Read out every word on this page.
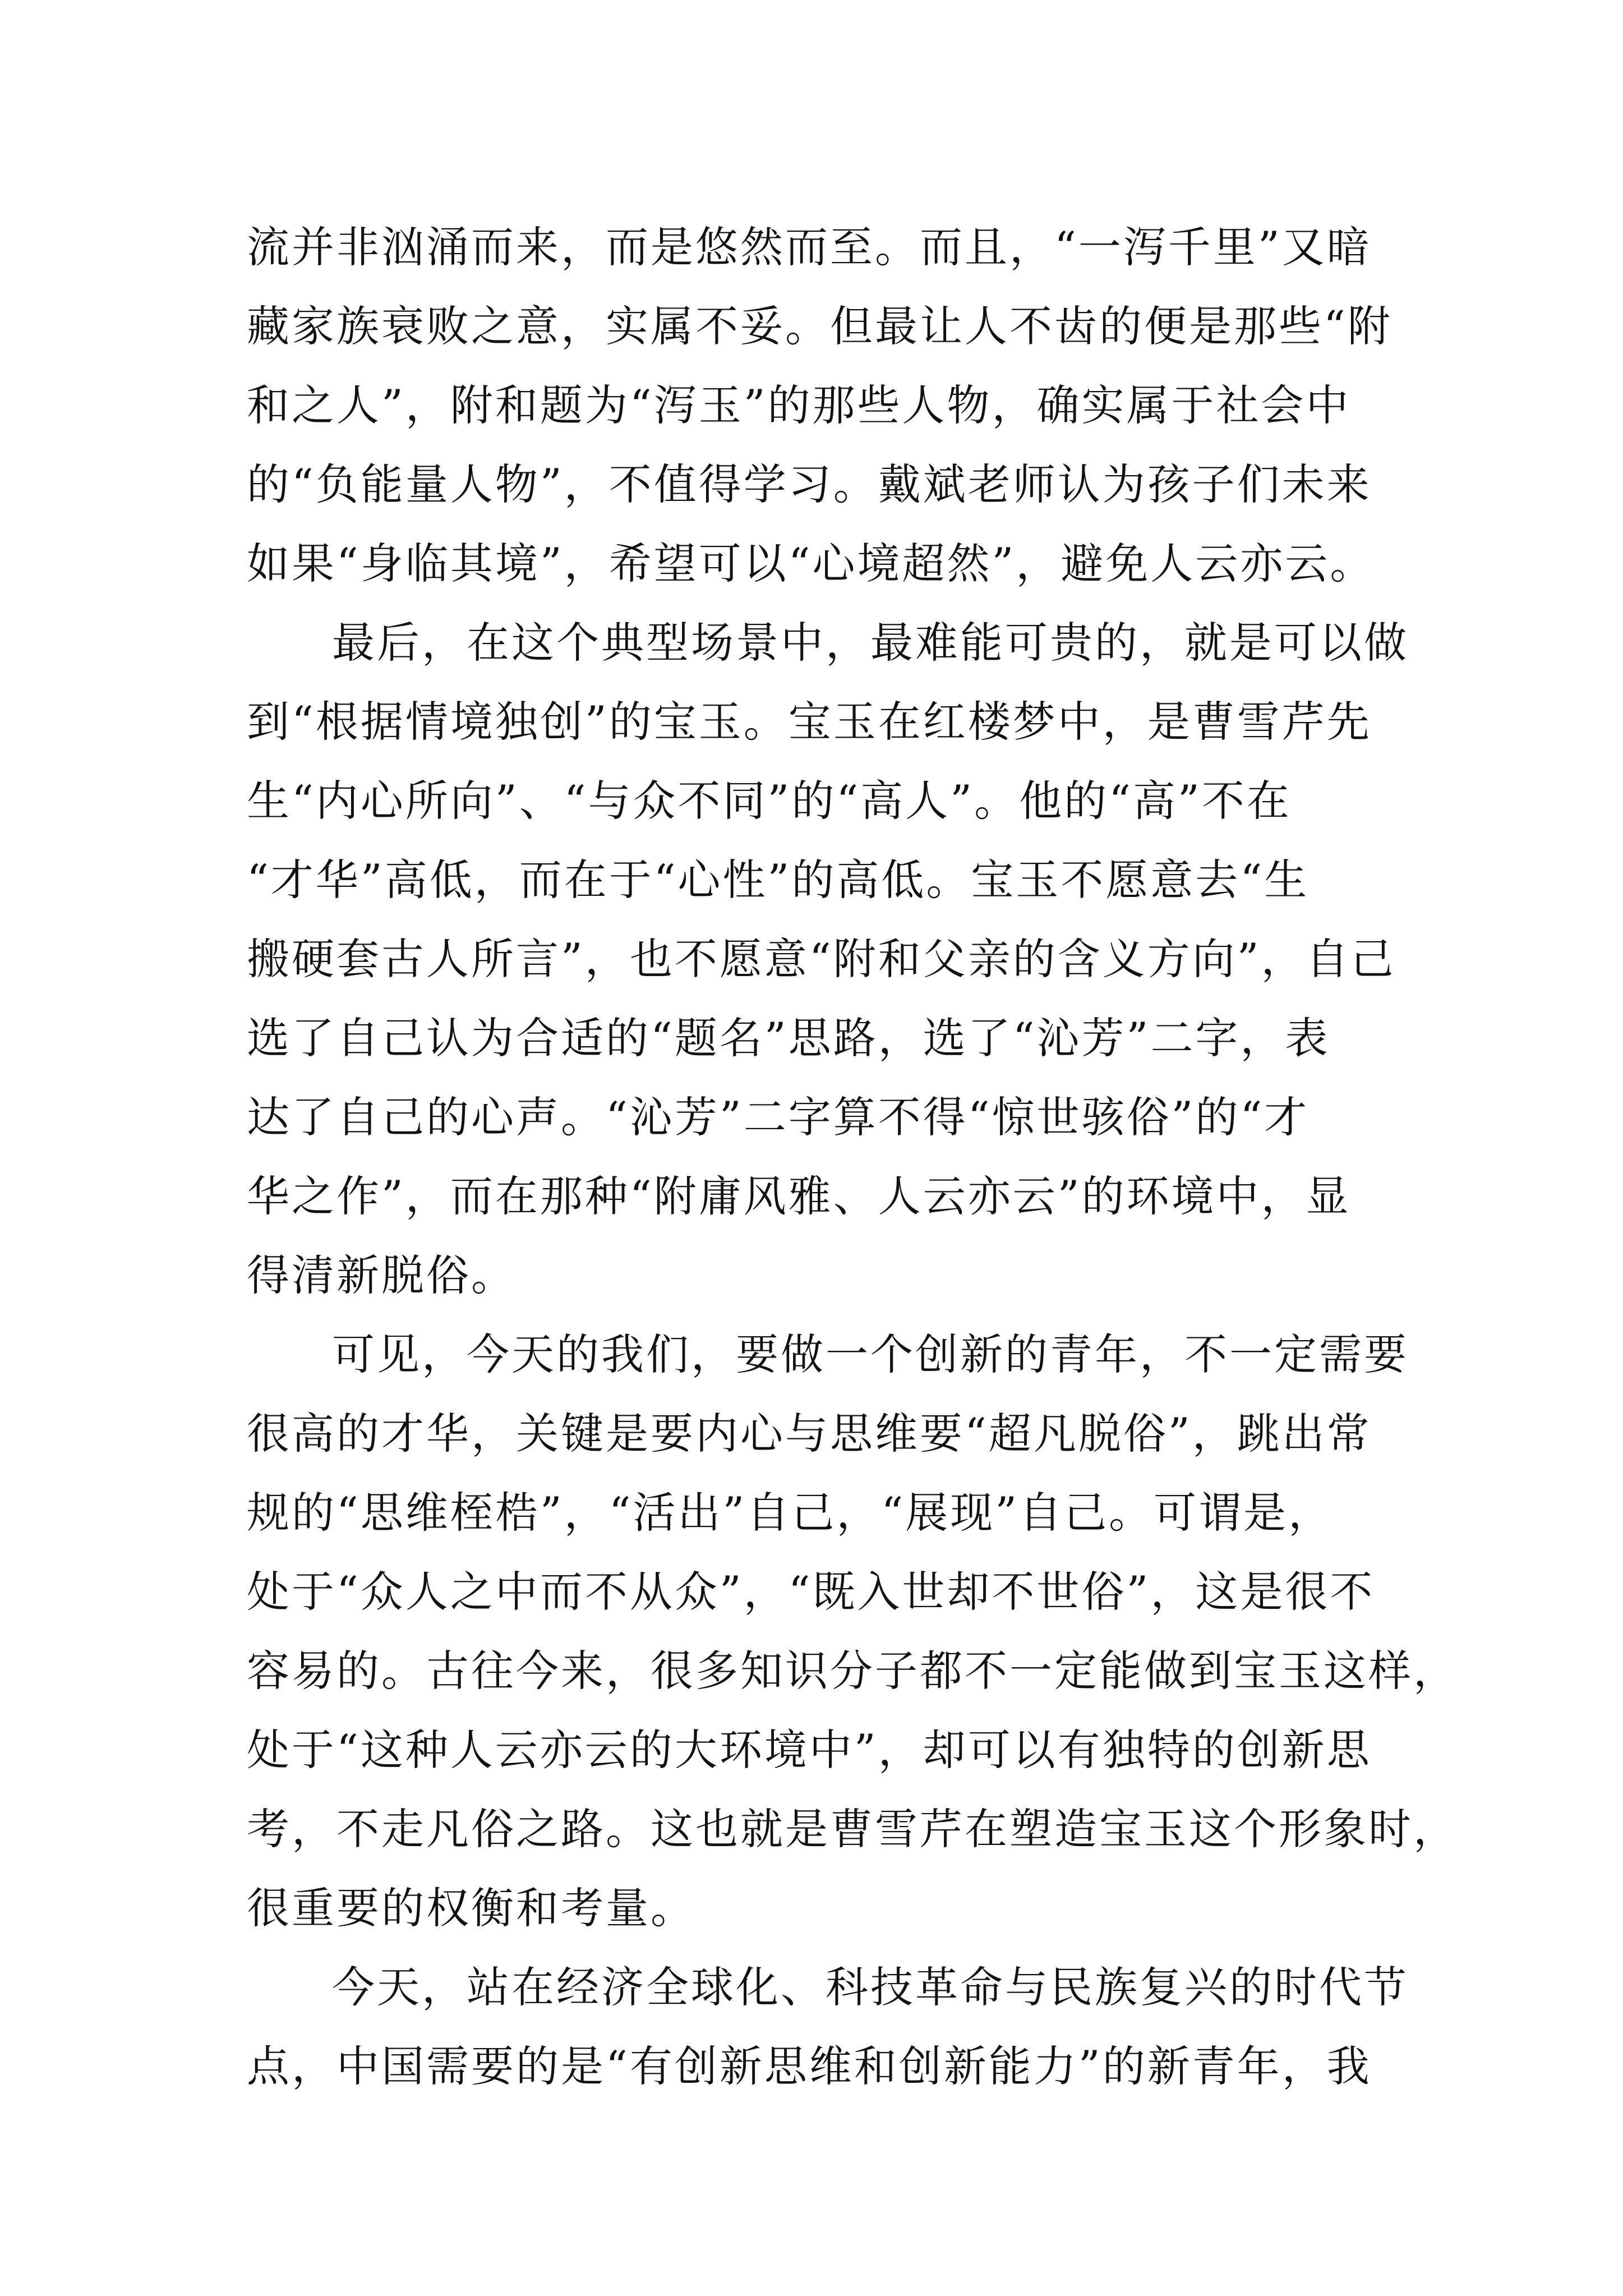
流并非汹涌而来，而是悠然而至。而且，“一泻千里”又暗
藏家族衰败之意，实属不妥。但最让人不齿的便是那些“附
和之人”，附和题为“泻玉”的那些人物，确实属于社会中
的“负能量人物”，不值得学习。戴斌老师认为孩子们未来
如果“身临其境”，希望可以“心境超然”，避免人云亦云。

最后，在这个典型场景中，最难能可贵的，就是可以做
到“根据情境独创”的宝玉。宝玉在红楼梦中，是曹雪芹先
生“内心所向”、“与众不同”的“高人”。他的“高”不在
“才华”高低，而在于“心性”的高低。宝玉不愿意去“生
搬硬套古人所言”，也不愿意“附和父亲的含义方向”，自己
选了自己认为合适的“题名”思路，选了“沁芳”二字，表
达了自己的心声。“沁芳”二字算不得“惊世骇俗”的“才
华之作”，而在那种“附庸风雅、人云亦云”的环境中，显
得清新脱俗。

可见，今天的我们，要做一个创新的青年，不一定需要
很高的才华，关键是要内心与思维要“超凡脱俗”，跳出常
规的“思维桎梏”，“活出”自己，“展现”自己。可谓是，
处于“众人之中而不从众”，“既入世却不世俗”，这是很不
容易的。古往今来，很多知识分子都不一定能做到宝玉这样，
处于“这种人云亦云的大环境中”，却可以有独特的创新思
考，不走凡俗之路。这也就是曹雪芹在塑造宝玉这个形象时，
很重要的权衡和考量。

今天，站在经济全球化、科技革命与民族复兴的时代节
点，中国需要的是“有创新思维和创新能力”的新青年，我
